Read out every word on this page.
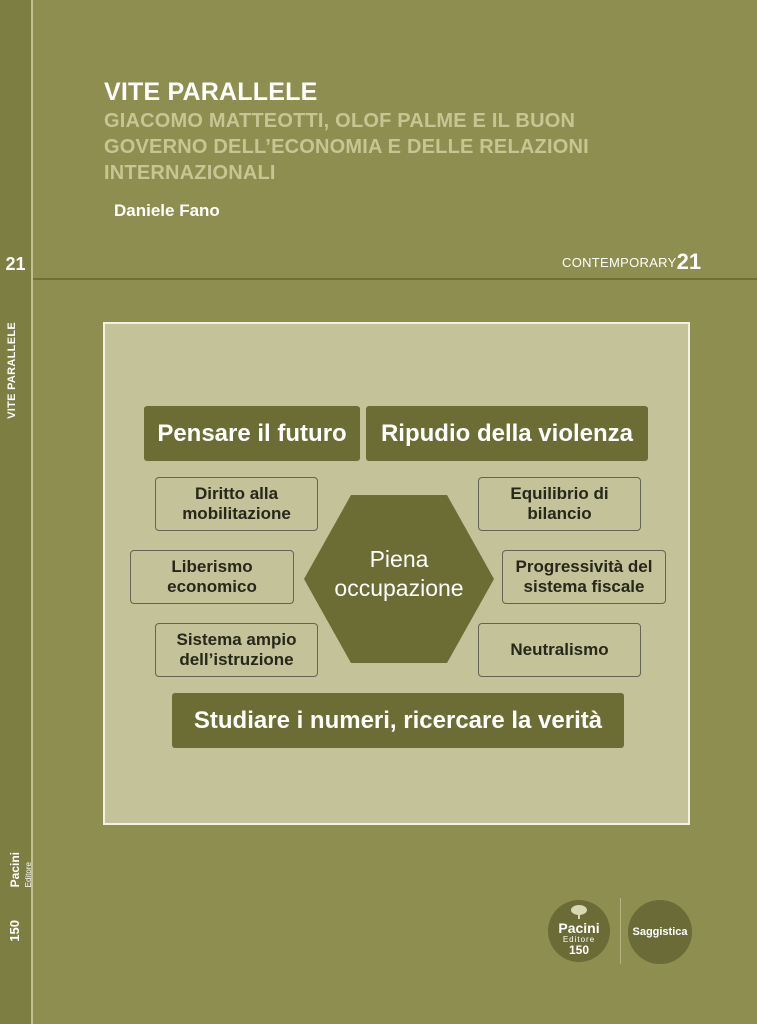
21
VITE PARALLELE
Pacini Editore
150
VITE PARALLELE
GIACOMO MATTEOTTI, OLOF PALME E IL BUON GOVERNO DELL’ECONOMIA E DELLE RELAZIONI INTERNAZIONALI
Daniele Fano
CONTEMPORARY21
Pensare il futuro	Ripudio della violenza
Diritto alla mobilitazione
Liberismo economico
Sistema ampio dell’istruzione
Piena
occupazione
Equilibrio di bilancio
Progressività del sistema fiscale
Neutralismo
Studiare i numeri, ricercare la verità
Pacini
Editore
150
Saggistica
